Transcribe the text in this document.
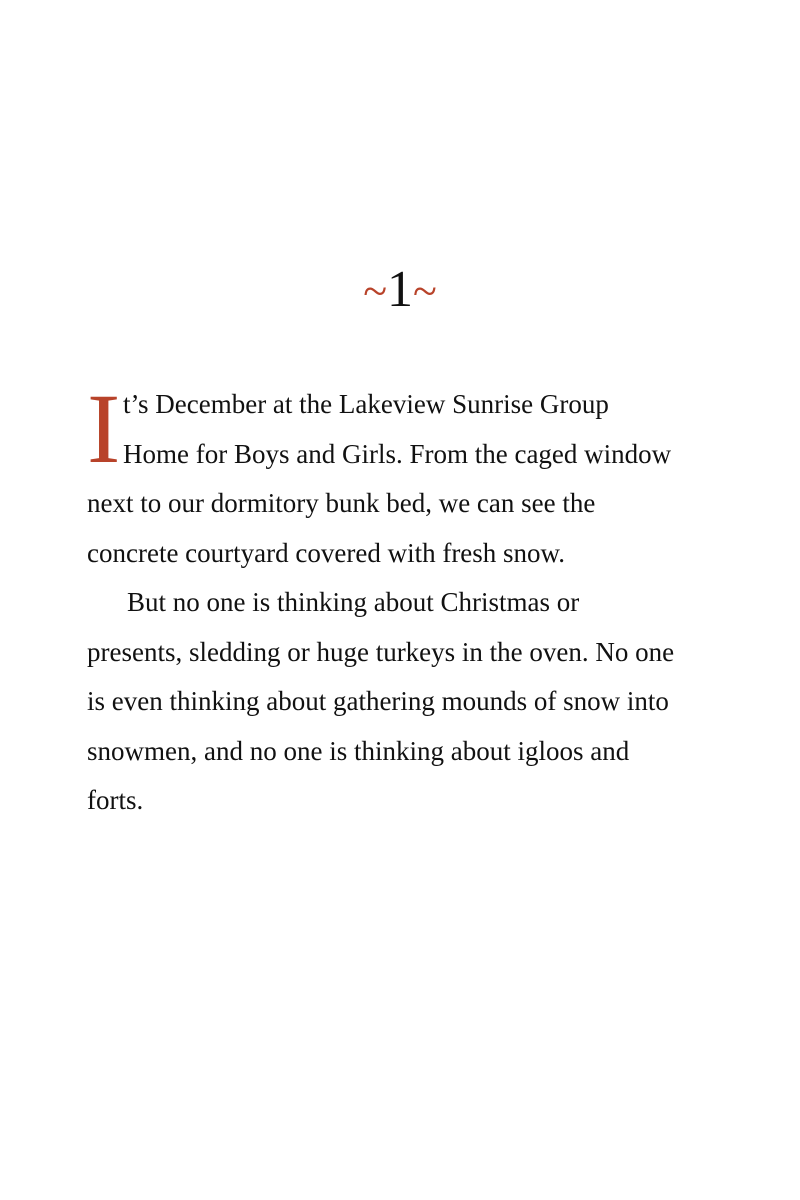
~1~
I t’s December at the Lakeview Sunrise Group
Home for Boys and Girls. From the caged window
next to our dormitory bunk bed, we can see the
concrete courtyard covered with fresh snow.
But no one is thinking about Christmas or
presents, sledding or huge turkeys in the oven. No one
is even thinking about gathering mounds of snow into
snowmen, and no one is thinking about igloos and
forts.
